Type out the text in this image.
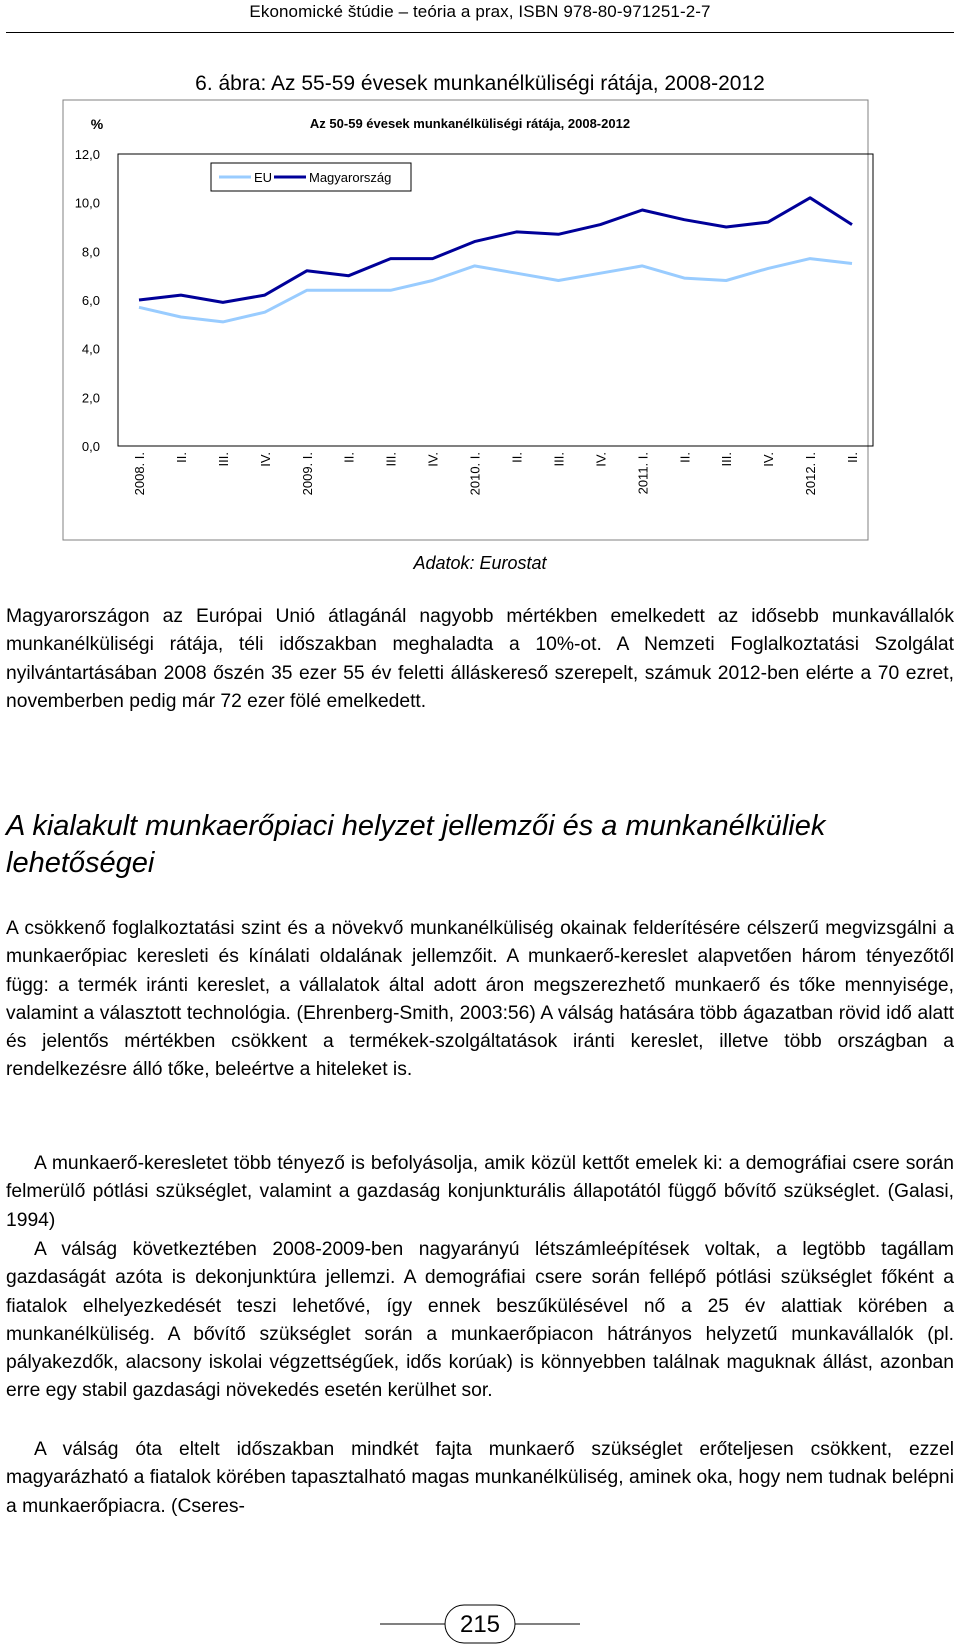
Ekonomické štúdie – teória a prax, ISBN 978-80-971251-2-7
6. ábra: Az 55-59 évesek munkanélküliségi rátája, 2008-2012
Az 50-59 évesek munkanélküliségi rátája, 2008-2012
%
0,0
2,0
4,0
6,0
8,0
10,0
12,0
2008. I. II. III. IV. 2009. I. II. III. IV. 2010. I. II. III. IV. 2011. I. II. III. IV. 2012. I. II.
EU	Magyarország
Adatok: Eurostat

Magyarországon az Európai Unió átlagánál nagyobb mértékben emelkedett az idősebb munkavállalók munkanélküliségi rátája, téli időszakban meghaladta a 10%-ot. A Nemzeti Foglalkoztatási Szolgálat nyilvántartásában 2008 őszén 35 ezer 55 év feletti álláskereső szerepelt, számuk 2012-ben elérte a 70 ezret, novemberben pedig már 72 ezer fölé emelkedett.

A kialakult munkaerőpiaci helyzet jellemzői és a munkanélküliek lehetőségei

A csökkenő foglalkoztatási szint és a növekvő munkanélküliség okainak felderítésére célszerű megvizsgálni a munkaerőpiac keresleti és kínálati oldalának jellemzőit. A munkaerő-kereslet alapvetően három tényezőtől függ: a termék iránti kereslet, a vállalatok által adott áron megszerezhető munkaerő és tőke mennyisége, valamint a választott technológia. (Ehrenberg-Smith, 2003:56) A válság hatására több ágazatban rövid idő alatt és jelentős mértékben csökkent a termékek-szolgáltatások iránti kereslet, illetve több országban a rendelkezésre álló tőke, beleértve a hiteleket is.

A munkaerő-keresletet több tényező is befolyásolja, amik közül kettőt emelek ki: a demográfiai csere során felmerülő pótlási szükséglet, valamint a gazdaság konjunkturális állapotától függő bővítő szükséglet. (Galasi, 1994)

A válság következtében 2008-2009-ben nagyarányú létszámleépítések voltak, a legtöbb tagállam gazdaságát azóta is dekonjunktúra jellemzi. A demográfiai csere során fellépő pótlási szükséglet főként a fiatalok elhelyezkedését teszi lehetővé, így ennek beszűkülésével nő a 25 év alattiak körében a munkanélküliség. A bővítő szükséglet során a munkaerőpiacon hátrányos helyzetű munkavállalók (pl. pályakezdők, alacsony iskolai végzettségűek, idős korúak) is könnyebben találnak maguknak állást, azonban erre egy stabil gazdasági növekedés esetén kerülhet sor.

A válság óta eltelt időszakban mindkét fajta munkaerő szükséglet erőteljesen csökkent, ezzel magyarázható a fiatalok körében tapasztalható magas munkanélküliség, aminek oka, hogy nem tudnak belépni a munkaerőpiacra. (Cseres-

215
